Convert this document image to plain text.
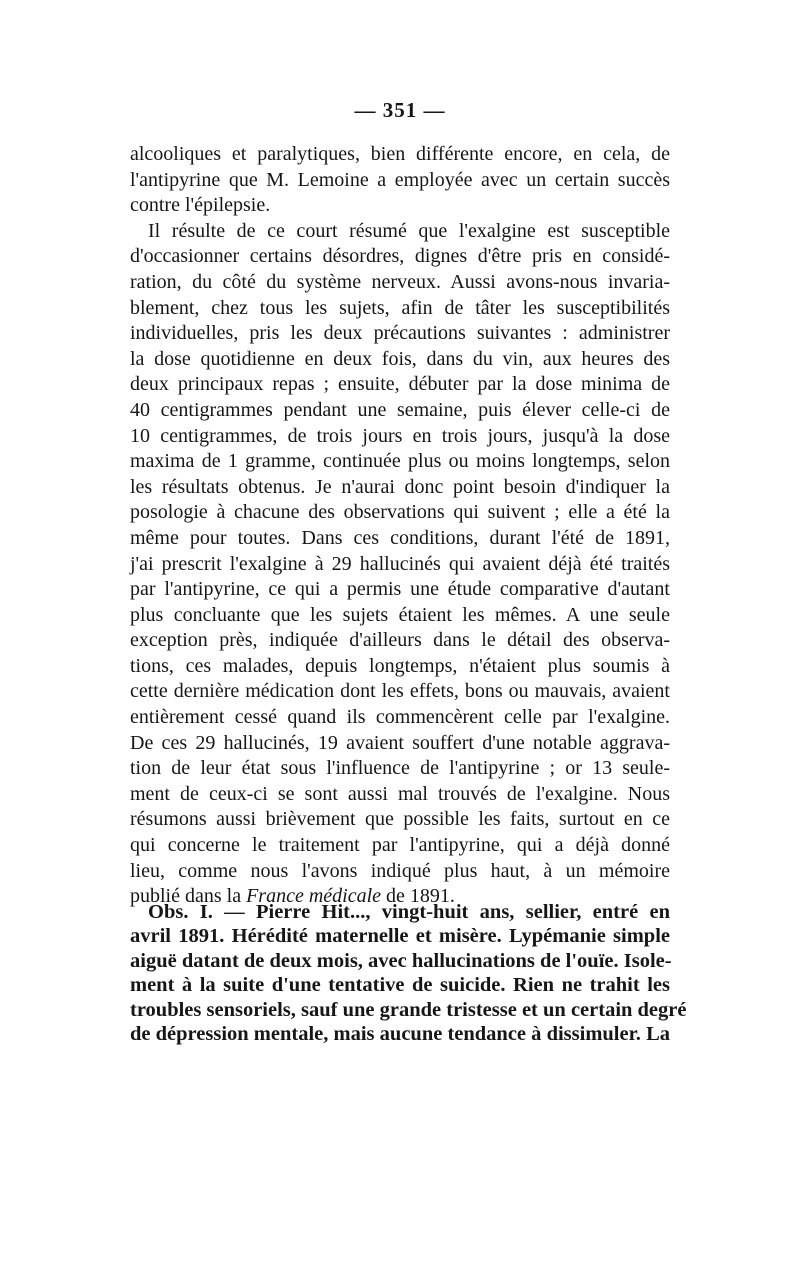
— 351 —
alcooliques et paralytiques, bien différente encore, en cela, de
l'antipyrine que M. Lemoine a employée avec un certain succès
contre l'épilepsie.
Il résulte de ce court résumé que l'exalgine est susceptible
d'occasionner certains désordres, dignes d'être pris en considé-
ration, du côté du système nerveux. Aussi avons-nous invaria-
blement, chez tous les sujets, afin de tâter les susceptibilités
individuelles, pris les deux précautions suivantes : administrer
la dose quotidienne en deux fois, dans du vin, aux heures des
deux principaux repas ; ensuite, débuter par la dose minima de
40 centigrammes pendant une semaine, puis élever celle-ci de
10 centigrammes, de trois jours en trois jours, jusqu'à la dose
maxima de 1 gramme, continuée plus ou moins longtemps, selon
les résultats obtenus. Je n'aurai donc point besoin d'indiquer la
posologie à chacune des observations qui suivent ; elle a été la
même pour toutes. Dans ces conditions, durant l'été de 1891,
j'ai prescrit l'exalgine à 29 hallucinés qui avaient déjà été traités
par l'antipyrine, ce qui a permis une étude comparative d'autant
plus concluante que les sujets étaient les mêmes. A une seule
exception près, indiquée d'ailleurs dans le détail des observa-
tions, ces malades, depuis longtemps, n'étaient plus soumis à
cette dernière médication dont les effets, bons ou mauvais, avaient
entièrement cessé quand ils commencèrent celle par l'exalgine.
De ces 29 hallucinés, 19 avaient souffert d'une notable aggrava-
tion de leur état sous l'influence de l'antipyrine ; or 13 seule-
ment de ceux-ci se sont aussi mal trouvés de l'exalgine. Nous
résumons aussi brièvement que possible les faits, surtout en ce
qui concerne le traitement par l'antipyrine, qui a déjà donné
lieu, comme nous l'avons indiqué plus haut, à un mémoire
publié dans la France médicale de 1891.
Obs. I. — Pierre Hit..., vingt-huit ans, sellier, entré en
avril 1891. Hérédité maternelle et misère. Lypémanie simple
aiguë datant de deux mois, avec hallucinations de l'ouïe. Isole-
ment à la suite d'une tentative de suicide. Rien ne trahit les
troubles sensoriels, sauf une grande tristesse et un certain degré
de dépression mentale, mais aucune tendance à dissimuler. La
